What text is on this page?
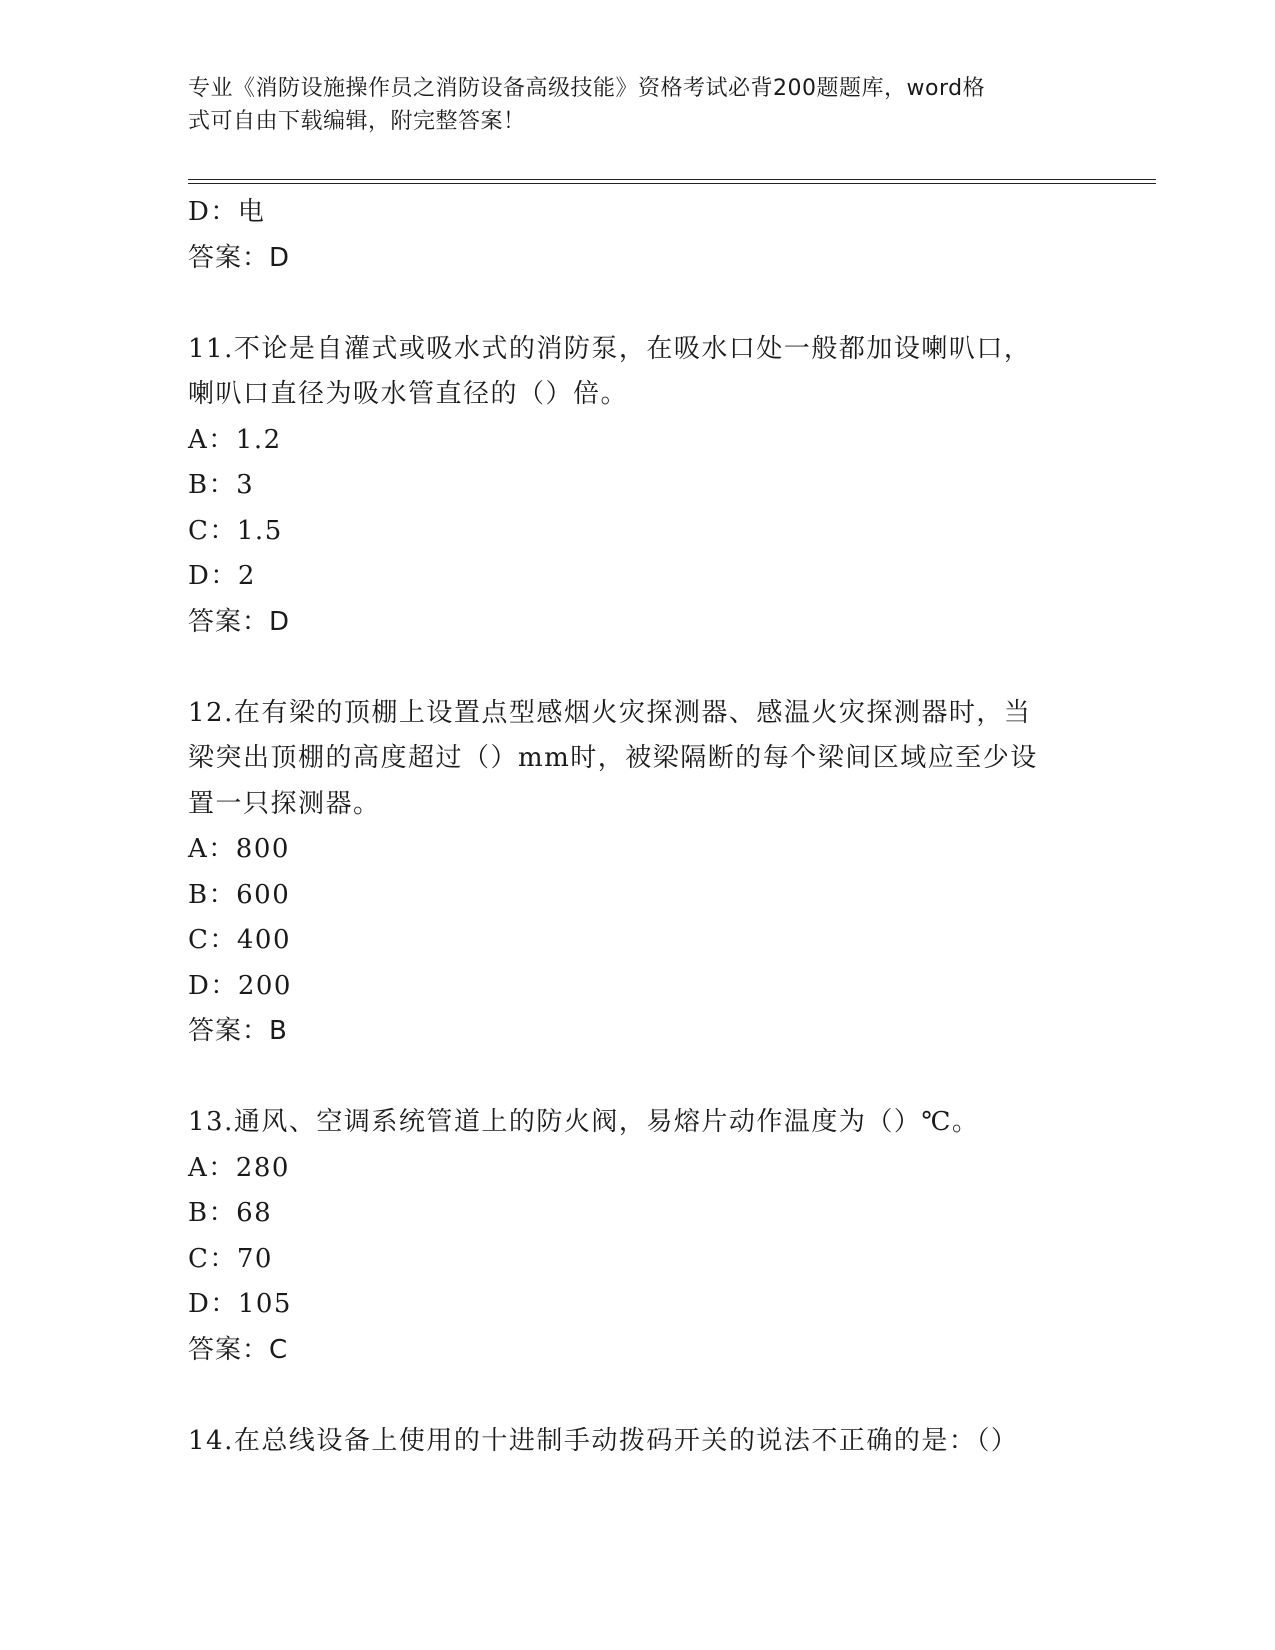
专业《消防设施操作员之消防设备高级技能》资格考试必背200题题库，word格
式可自由下载编辑，附完整答案！
D：电
答案：D
11.不论是自灌式或吸水式的消防泵，在吸水口处一般都加设喇叭口，
喇叭口直径为吸水管直径的（）倍。
A：1.2
B：3
C：1.5
D：2
答案：D
12.在有梁的顶棚上设置点型感烟火灾探测器、感温火灾探测器时，当
梁突出顶棚的高度超过（）mm时，被梁隔断的每个梁间区域应至少设
置一只探测器。
A：800
B：600
C：400
D：200
答案：B
13.通风、空调系统管道上的防火阀，易熔片动作温度为（）℃。
A：280
B：68
C：70
D：105
答案：C
14.在总线设备上使用的十进制手动拨码开关的说法不正确的是：（）
